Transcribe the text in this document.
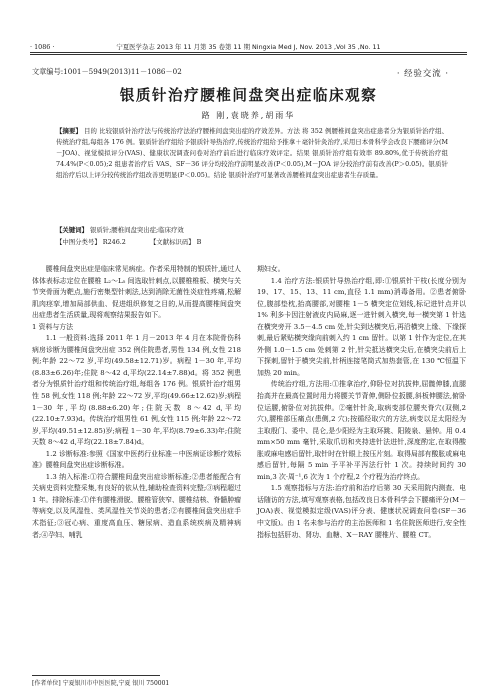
· 1086 ·	宁夏医学杂志 2013 年 11 月第 35 卷第 11 期 Ningxia Med J, Nov. 2013 ,Vol 35 ,No. 11
文章编号:1001－5949(2013)11－1086－02	· 经验交流 ·
银质针治疗腰椎间盘突出症临床观察
路 刚,袁晓养,胡雨华
【摘要】 目的 比较银质针治疗法与传统治疗法治疗腰椎间盘突出症的疗效差异。方法 将 352 例腰椎间盘突出症患者分为银质针治疗组、传统治疗组,每组各 176 例。银质针治疗组给予银质针导热治疗,传统治疗组给予推拿＋毫针针灸治疗,采用日本骨科学会改良下腰痛评分(M－JOA)、视觉模拟评分(VAS)、健康状况调查问卷对治疗前后进行临床疗效评定。结果 银质针治疗组有效率 89.80%,优于传统治疗组 74.4%(P＜0.05);2 组患者治疗后 VAS、SF－36 评分均较治疗前明显改善(P＜0.05),M－JOA 评分较治疗前有改善(P＞0.05)。银质针组治疗后以上评分较传统治疗组改善更明显(P＜0.05)。结论 银质针治疗可显著改善腰椎间盘突出症患者生存质量。
【关键词】 银质针;腰椎间盘突出症;临床疗效
【中图分类号】 R246.2	【文献标识码】 B

腰椎间盘突出症是临床常见病症。作者采用特制的银质针,通过人体体表标志定位在腰椎 L₂～L₅ 间选取针刺点,以腰椎椎板、横突与关节突骨面为靶点,施行密集型针刺法,达到消除无菌性炎症性疼痛,松解肌肉痉挛,增加局部供血、促进组织修复之目的,从而提高腰椎间盘突出症患者生活质量,现将观察结果报告如下。

1 资料与方法

1.1 一般资料:选择 2011 年 1 月－2013 年 4 月在本院骨伤科病房诊断为腰椎间盘突出症 352 例住院患者,男性 134 例,女性 218 例;年龄 22～72 岁,平均(49.58±12.71)岁。病程 1－30 年,平均(8.83±6.26)年;住院 8～42 d,平均(22.14±7.88)d。将 352 例患者分为银质针治疗组和传统治疗组,每组各 176 例。银质针治疗组男性 58 例,女性 118 例;年龄 22～72 岁,平均(49.66±12.62)岁;病程 1－30 年,平均(8.88±6.20)年;住院天数 8～42 d,平均(22.10±7.93)d。传统治疗组男性 61 例,女性 115 例;年龄 22～72 岁,平均(49.51±12.85)岁;病程 1－30 年,平均(8.79±6.33)年;住院天数 8～42 d,平均(22.18±7.84)d。

1.2 诊断标准:参照《国家中医药行业标准－中医病证诊断疗效标准》腰椎间盘突出症诊断标准。

1.3 纳入标准:①符合腰椎间盘突出症诊断标准;②患者能配合有关病史资料完整采集,有良好的依从性,辅助检查资料完整;③病程超过 1 年。排除标准:①伴有腰椎滑脱、腰椎管狭窄、腰椎结核、脊髓肿瘤等病变,以及风湿性、类风湿性关节炎的患者;②有腰椎间盘突出症手术指征;③冠心病、重度高血压、糖尿病、造血系统疾病及精神病者;④孕妇、哺乳

期妇女。

1.4 治疗方法:银质针导热治疗组,即:①银质针干枝(长度分别为 19、17、15、13、11 cm,直径 1.1 mm)消毒备用。②患者俯卧位,腹部垫枕,抬高腰部,对腰椎 1－5 横突定位划线,标记进针点并以 1% 利多卡因注射液皮内局麻,逐一进针刺入横突,每一横突第 1 针选在横突旁开 3.5－4.5 cm 处,针尖到达横突后,再沿横突上缘、下缘探刺,最后紧贴横突缘向前刺入约 1 cm 留针。以第 1 针作为定位,在其外侧 1.0－1.5 cm 处刺第 2 针,针尖抵达横突尖后,在横突尖前后上下探刺,留针于横突尖前,针柄连接笔筒式加热套管,在 130 ℃恒温下加热 20 min。

传统治疗组,方法用:①推拿治疗,仰卧位对抗拔伸,屈髋伸膝,直腿抬高并在最高位置时用力将腰关节背伸,侧卧位扳腰,斜板伸腰法,俯卧位运腰,俯卧位对抗拔伸。②毫针针灸,取病变部位腰夹脊穴(双侧,2 穴),腰椎部压痛点(患侧,2 穴);按循经取穴的方法,病变以足太阳经为主取殷门、委中、昆仑,是少阳经为主取环跳、阳陵泉、悬钟。用 0.4 mm×50 mm 毫针,采取爪切和夹持进针法进针,深度酌定,在取得酸胀或麻电感后留针,取针时在针眼上按压片刻。取得局部有酸胀或麻电感后留针,每隔 5 min 予平补平泻法行针 1 次。持续时间约 30 min,3 次·周⁻¹,6 次为 1 个疗程,2 个疗程为治疗终点。

1.5 观察指标与方法:治疗前和治疗后第 30 天采用院内测查、电话随访的方法,填写观察表格,包括改良日本骨科学会下腰痛评分(M－JOA)表、视觉模拟定级(VAS)评分表、健康状况调查问卷(SF－36 中文版)。由 1 名未参与治疗的主治医师和 1 名住院医师进行,安全性指标包括肝功、肾功、血糖、X－RAY 腰椎片、腰椎 CT。

[作者单位] 宁夏银川市中医医院,宁夏 银川 750001
